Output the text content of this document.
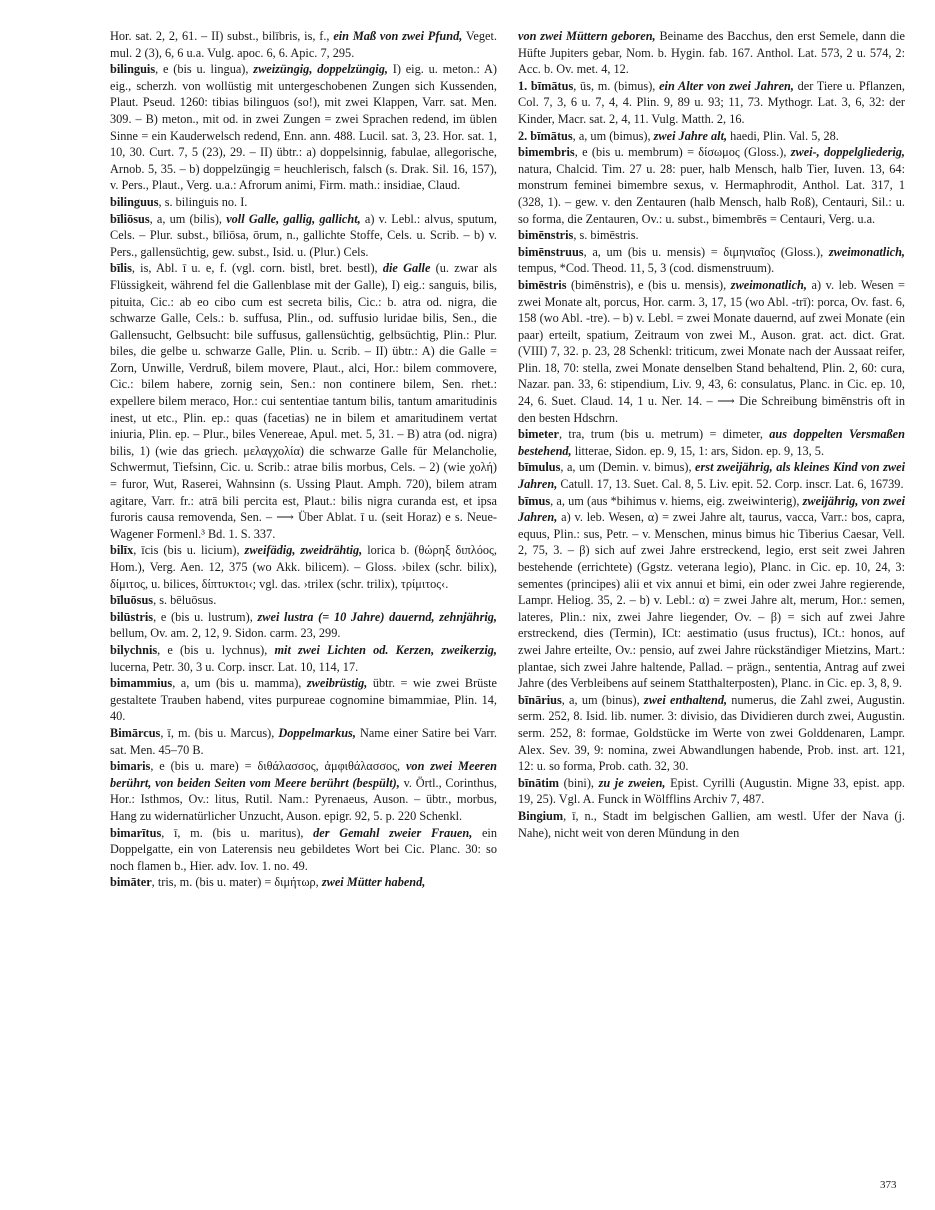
Hor. sat. 2, 2, 61. – II) subst., bilībris, is, f., ein Maß von zwei Pfund, Veget. mul. 2 (3), 6, 6 u.a. Vulg. apoc. 6, 6. Apic. 7, 295.

bilinguis, e (bis u. lingua), zweizüngig, doppelzüngig, I) eig. u. meton.: A) eig., scherzh. von wollüstig mit untergeschobenen Zungen sich Kussenden, Plaut. Pseud. 1260: tibias bilinguos (so!), mit zwei Klappen, Varr. sat. Men. 309. – B) meton., mit od. in zwei Zungen = zwei Sprachen redend, im üblen Sinne = ein Kauderwelsch redend, Enn. ann. 488. Lucil. sat. 3, 23. Hor. sat. 1, 10, 30. Curt. 7, 5 (23), 29. – II) übtr.: a) doppelsinnig, fabulae, allegorische, Arnob. 5, 35. – b) doppelzüngig = heuchlerisch, falsch (s. Drak. Sil. 16, 157), v. Pers., Plaut., Verg. u.a.: Afrorum animi, Firm. math.: insidiae, Claud.

bilinguus, s. bilinguis no. I.

bīliōsus, a, um (bilis), voll Galle, gallig, gallicht, a) v. Lebl.: alvus, sputum, Cels. – Plur. subst., bīliōsa, ōrum, n., gallichte Stoffe, Cels. u. Scrib. – b) v. Pers., gallensüchtig, gew. subst., Isid. u. (Plur.) Cels.

bīlis, is, Abl. ī u. e, f. (vgl. corn. bistl, bret. bestl), die Galle (u. zwar als Flüssigkeit, während fel die Gallenblase mit der Galle), I) eig.: sanguis, bilis, pituita, Cic.: ab eo cibo cum est secreta bilis, Cic.: b. atra od. nigra, die schwarze Galle, Cels.: b. suffusa, Plin., od. suffusio luridae bilis, Sen., die Gallensucht, Gelbsucht: bile suffusus, gallensüchtig, gelbsüchtig, Plin.: Plur. biles, die gelbe u. schwarze Galle, Plin. u. Scrib. – II) übtr.: A) die Galle = Zorn, Unwille, Verdruß, bilem movere, Plaut., alci, Hor.: bilem commovere, Cic.: bilem habere, zornig sein, Sen.: non continere bilem, Sen. rhet.: expellere bilem meraco, Hor.: cui sententiae tantum bilis, tantum amaritudinis inest, ut etc., Plin. ep.: quas (facetias) ne in bilem et amaritudinem vertat iniuria, Plin. ep. – Plur., biles Venereae, Apul. met. 5, 31. – B) atra (od. nigra) bilis, 1) (wie das griech. μελαγχολία) die schwarze Galle für Melancholie, Schwermut, Tiefsinn, Cic. u. Scrib.: atrae bilis morbus, Cels. – 2) (wie χολή) = furor, Wut, Raserei, Wahnsinn (s. Ussing Plaut. Amph. 720), bilem atram agitare, Varr. fr.: atrā bili percita est, Plaut.: bilis nigra curanda est, et ipsa furoris causa removenda, Sen. – ⟶ Über Ablat. ī u. (seit Horaz) e s. Neue-Wagener Formenl.³ Bd. 1. S. 337.

bilīx, īcis (bis u. licium), zweifädig, zweidrähtig, lorica b. (θώρηξ διπλόος, Hom.), Verg. Aen. 12, 375 (wo Akk. bilicem). – Gloss. ›bilex (schr. bilix), δίμιτος, u. bilices, δίπτυκτοι‹; vgl. das. ›trilex (schr. trilix), τρίμιτος‹.

bīluōsus, s. bēluōsus.

bilūstris, e (bis u. lustrum), zwei lustra (= 10 Jahre) dauernd, zehnjährig, bellum, Ov. am. 2, 12, 9. Sidon. carm. 23, 299.

bilychnis, e (bis u. lychnus), mit zwei Lichten od. Kerzen, zweikerzig, lucerna, Petr. 30, 3 u. Corp. inscr. Lat. 10, 114, 17.

bimammius, a, um (bis u. mamma), zweibrüstig, übtr. = wie zwei Brüste gestaltete Trauben habend, vites purpureae cognomine bimammiae, Plin. 14, 40.

Bimārcus, ī, m. (bis u. Marcus), Doppelmarkus, Name einer Satire bei Varr. sat. Men. 45–70 B.

bimaris, e (bis u. mare) = διθάλασσος, ἀμφιθάλασσος, von zwei Meeren berührt, von beiden Seiten vom Meere berührt (bespült), v. Örtl., Corinthus, Hor.: Isthmos, Ov.: litus, Rutil. Nam.: Pyrenaeus, Auson. – übtr., morbus, Hang zu widernatürlicher Unzucht, Auson. epigr. 92, 5. p. 220 Schenkl.

bimarītus, ī, m. (bis u. maritus), der Gemahl zweier Frauen, ein Doppelgatte, ein von Laterensis neu gebildetes Wort bei Cic. Planc. 30: so noch flamen b., Hier. adv. Iov. 1. no. 49.

bimāter, tris, m. (bis u. mater) = διμήτωρ, zwei Mütter habend,

von zwei Müttern geboren, Beiname des Bacchus, den erst Semele, dann die Hüfte Jupiters gebar, Nom. b. Hygin. fab. 167. Anthol. Lat. 573, 2 u. 574, 2: Acc. b. Ov. met. 4, 12.

1. bīmātus, ūs, m. (bimus), ein Alter von zwei Jahren, der Tiere u. Pflanzen, Col. 7, 3, 6 u. 7, 4, 4. Plin. 9, 89 u. 93; 11, 73. Mythogr. Lat. 3, 6, 32: der Kinder, Macr. sat. 2, 4, 11. Vulg. Matth. 2, 16.

2. bīmātus, a, um (bimus), zwei Jahre alt, haedi, Plin. Val. 5, 28.

bimembris, e (bis u. membrum) = δίσωμος (Gloss.), zwei-, doppelgliederig, natura, Chalcid. Tim. 27 u. 28: puer, halb Mensch, halb Tier, Iuven. 13, 64: monstrum feminei bimembre sexus, v. Hermaphrodit, Anthol. Lat. 317, 1 (328, 1). – gew. v. den Zentauren (halb Mensch, halb Roß), Centauri, Sil.: u. so forma, die Zentauren, Ov.: u. subst., bimembrēs = Centauri, Verg. u.a.

bimēnstris, s. bimēstris.

bimēnstruus, a, um (bis u. mensis) = διμηνιαῖος (Gloss.), zweimonatlich, tempus, *Cod. Theod. 11, 5, 3 (cod. dismenstruum).

bimēstris (bimēnstris), e (bis u. mensis), zweimonatlich, a) v. leb. Wesen = zwei Monate alt, porcus, Hor. carm. 3, 17, 15 (wo Abl. -trī): porca, Ov. fast. 6, 158 (wo Abl. -tre). – b) v. Lebl. = zwei Monate dauernd, auf zwei Monate (ein paar) erteilt, spatium, Zeitraum von zwei M., Auson. grat. act. dict. Grat. (VIII) 7, 32. p. 23, 28 Schenkl: triticum, zwei Monate nach der Aussaat reifer, Plin. 18, 70: stella, zwei Monate denselben Stand behaltend, Plin. 2, 60: cura, Nazar. pan. 33, 6: stipendium, Liv. 9, 43, 6: consulatus, Planc. in Cic. ep. 10, 24, 6. Suet. Claud. 14, 1 u. Ner. 14. – ⟶ Die Schreibung bimēnstris oft in den besten Hdschrn.

bimeter, tra, trum (bis u. metrum) = dimeter, aus doppelten Versmaßen bestehend, litterae, Sidon. ep. 9, 15, 1: ars, Sidon. ep. 9, 13, 5.

bīmulus, a, um (Demin. v. bimus), erst zweijährig, als kleines Kind von zwei Jahren, Catull. 17, 13. Suet. Cal. 8, 5. Liv. epit. 52. Corp. inscr. Lat. 6, 16739.

bīmus, a, um (aus *bihimus v. hiems, eig. zweiwinterig), zweijährig, von zwei Jahren, a) v. leb. Wesen, α) = zwei Jahre alt, taurus, vacca, Varr.: bos, capra, equus, Plin.: sus, Petr. – v. Menschen, minus bimus hic Tiberius Caesar, Vell. 2, 75, 3. – β) sich auf zwei Jahre erstreckend, legio, erst seit zwei Jahren bestehende (errichtete) (Ggstz. veterana legio), Planc. in Cic. ep. 10, 24, 3: sementes (principes) alii et vix annui et bimi, ein oder zwei Jahre regierende, Lampr. Heliog. 35, 2. – b) v. Lebl.: α) = zwei Jahre alt, merum, Hor.: semen, lateres, Plin.: nix, zwei Jahre liegender, Ov. – β) = sich auf zwei Jahre erstreckend, dies (Termin), ICt: aestimatio (usus fructus), ICt.: honos, auf zwei Jahre erteilte, Ov.: pensio, auf zwei Jahre rückständiger Mietzins, Mart.: plantae, sich zwei Jahre haltende, Pallad. – prägn., sententia, Antrag auf zwei Jahre (des Verbleibens auf seinem Statthalterposten), Planc. in Cic. ep. 3, 8, 9.

bīnārius, a, um (binus), zwei enthaltend, numerus, die Zahl zwei, Augustin. serm. 252, 8. Isid. lib. numer. 3: divisio, das Dividieren durch zwei, Augustin. serm. 252, 8: formae, Goldstücke im Werte von zwei Golddenaren, Lampr. Alex. Sev. 39, 9: nomina, zwei Abwandlungen habende, Prob. inst. art. 121, 12: u. so forma, Prob. cath. 32, 30.

bīnātim (bini), zu je zweien, Epist. Cyrilli (Augustin. Migne 33, epist. app. 19, 25). Vgl. A. Funck in Wölfflins Archiv 7, 487.

Bingium, ī, n., Stadt im belgischen Gallien, am westl. Ufer der Nava (j. Nahe), nicht weit von deren Mündung in den

373
